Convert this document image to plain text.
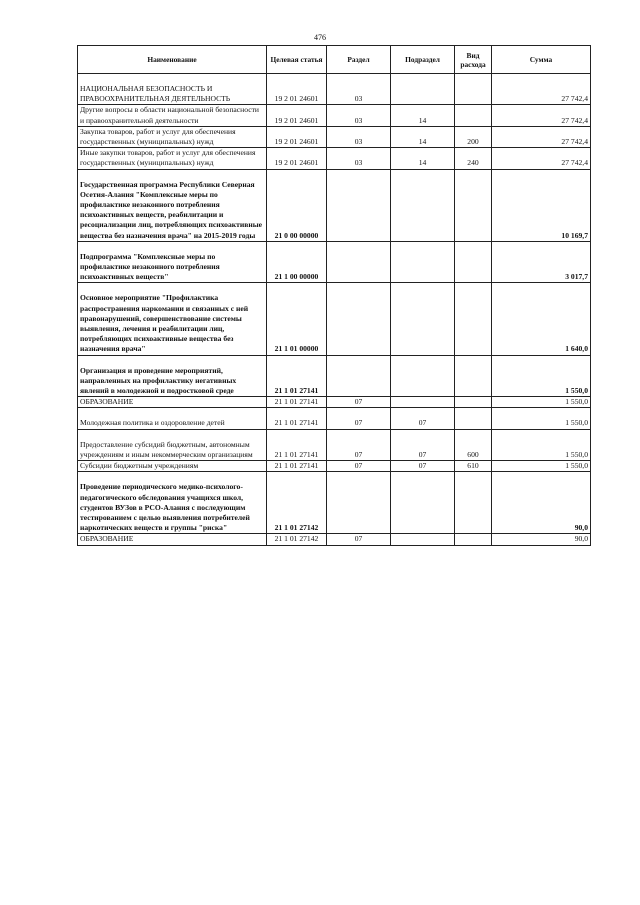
476
Наименование	Целевая статья	Раздел	Подраздел	Вид расхода	Сумма
НАЦИОНАЛЬНАЯ БЕЗОПАСНОСТЬ И ПРАВООХРАНИТЕЛЬНАЯ ДЕЯТЕЛЬНОСТЬ	19 2 01 24601	03			27 742,4
Другие вопросы в области национальной безопасности и правоохранительной деятельности	19 2 01 24601	03	14		27 742,4
Закупка товаров, работ и услуг для обеспечения государственных (муниципальных) нужд	19 2 01 24601	03	14	200	27 742,4
Иные закупки товаров, работ и услуг для обеспечения государственных (муниципальных) нужд	19 2 01 24601	03	14	240	27 742,4
Государственная программа Республики Северная Осетия-Алания "Комплексные меры по профилактике незаконного потребления психоактивных веществ, реабилитации и ресоциализации лиц, потребляющих психоактивные вещества без назначения врача" на 2015-2019 годы	21 0 00 00000				10 169,7
Подпрограмма "Комплексные меры по профилактике незаконного потребления психоактивных веществ"	21 1 00 00000				3 017,7
Основное мероприятие "Профилактика распространения наркомании и связанных с ней правонарушений, совершенствование системы выявления, лечения и реабилитации лиц, потребляющих психоактивные вещества без назначения врача"	21 1 01 00000				1 640,0
Организация и проведение мероприятий, направленных на профилактику негативных явлений в молодежной и подростковой среде	21 1 01 27141				1 550,0
ОБРАЗОВАНИЕ	21 1 01 27141	07			1 550,0
Молодежная политика и оздоровление детей	21 1 01 27141	07	07		1 550,0
Предоставление субсидий бюджетным, автономным учреждениям и иным некоммерческим организациям	21 1 01 27141	07	07	600	1 550,0
Субсидии бюджетным учреждениям	21 1 01 27141	07	07	610	1 550,0
Проведение периодического медико-психолого-педагогического обследования учащихся школ, студентов ВУЗов в РСО-Алания с последующим тестированием с целью выявления потребителей наркотических веществ и группы "риска"	21 1 01 27142				90,0
ОБРАЗОВАНИЕ	21 1 01 27142	07			90,0
